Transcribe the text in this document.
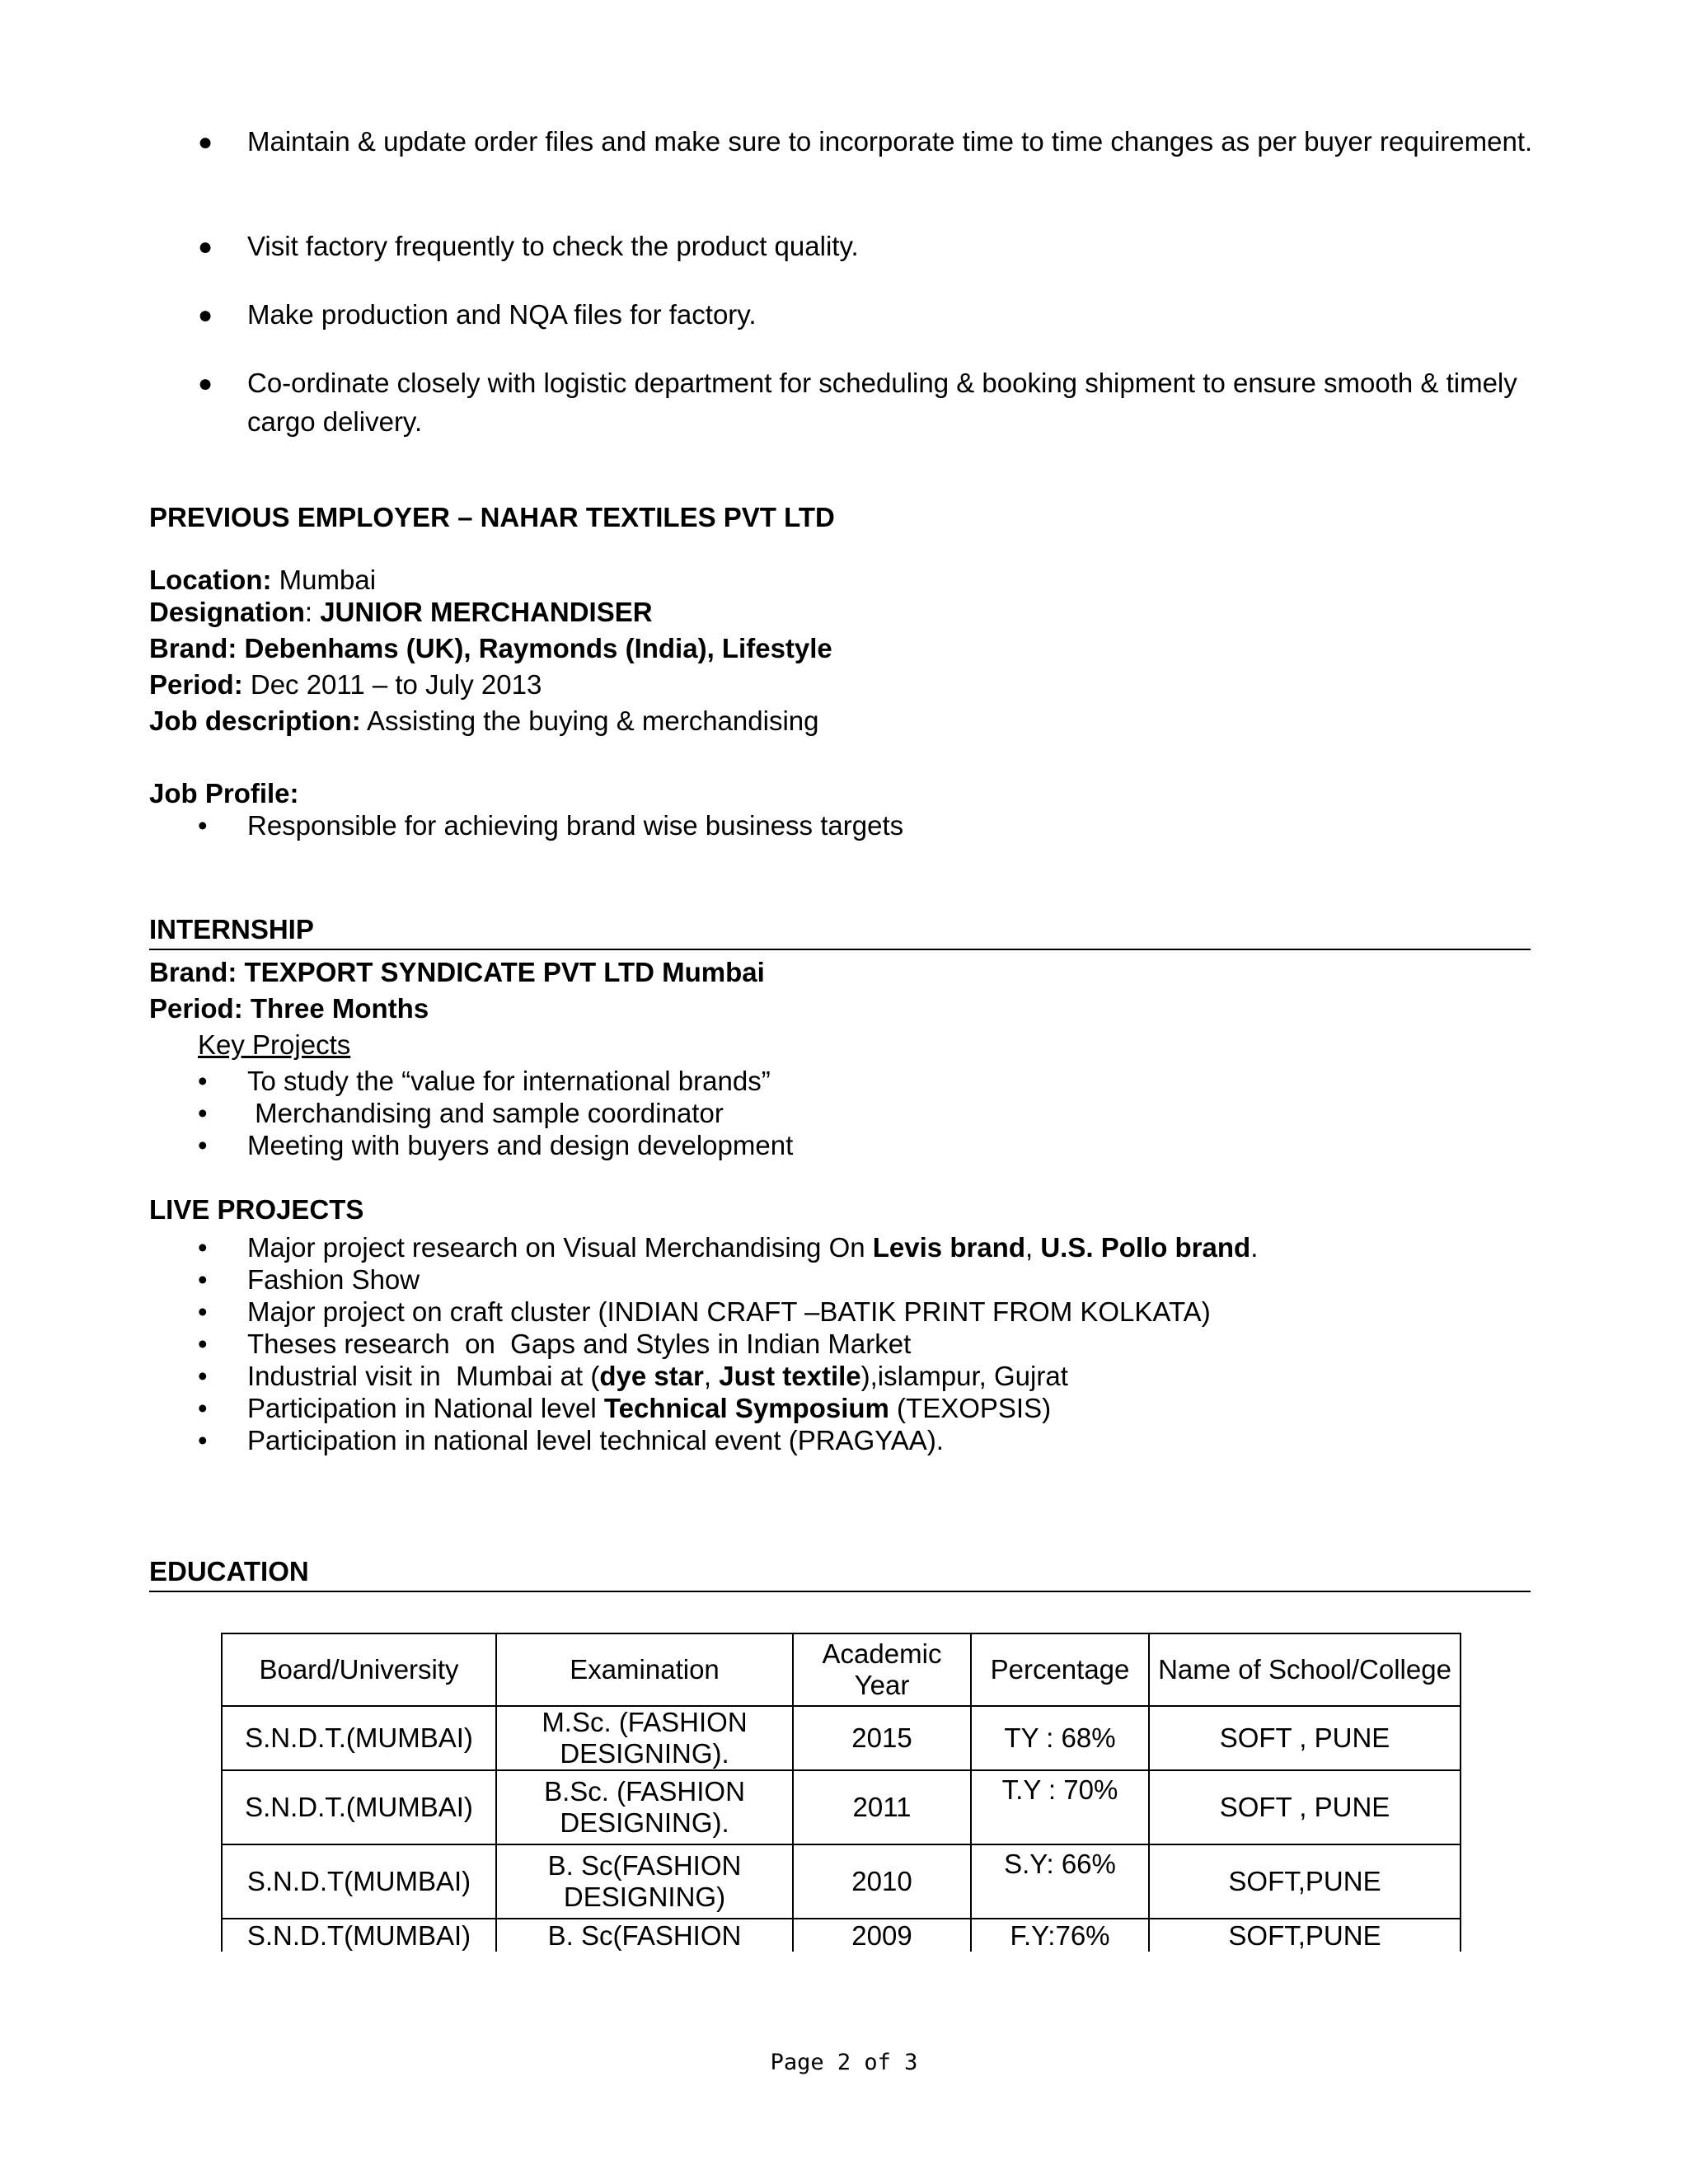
● Maintain & update order files and make sure to incorporate time to time changes as per buyer requirement.
● Visit factory frequently to check the product quality.
● Make production and NQA files for factory.
● Co-ordinate closely with logistic department for scheduling & booking shipment to ensure smooth & timely cargo delivery.
PREVIOUS EMPLOYER – NAHAR TEXTILES PVT LTD
Location: Mumbai
Designation: JUNIOR MERCHANDISER
Brand: Debenhams (UK), Raymonds (India), Lifestyle
Period: Dec 2011 – to July 2013
Job description: Assisting the buying & merchandising
Job Profile:
• Responsible for achieving brand wise business targets
INTERNSHIP
Brand: TEXPORT SYNDICATE PVT LTD Mumbai
Period: Three Months
Key Projects
• To study the “value for international brands”
• Merchandising and sample coordinator
• Meeting with buyers and design development
LIVE PROJECTS
• Major project research on Visual Merchandising On Levis brand, U.S. Pollo brand.
• Fashion Show
• Major project on craft cluster (INDIAN CRAFT –BATIK PRINT FROM KOLKATA)
• Theses research  on  Gaps and Styles in Indian Market
• Industrial visit in  Mumbai at (dye star, Just textile),islampur, Gujrat
• Participation in National level Technical Symposium (TEXOPSIS)
• Participation in national level technical event (PRAGYAA).
EDUCATION
Board/University	Examination	Academic Year	Percentage	Name of School/College
S.N.D.T.(MUMBAI)	M.Sc. (FASHION DESIGNING).	2015	TY : 68%	SOFT , PUNE
S.N.D.T.(MUMBAI)	B.Sc. (FASHION DESIGNING).	2011	T.Y : 70%	SOFT , PUNE
S.N.D.T(MUMBAI)	B. Sc(FASHION DESIGNING)	2010	S.Y: 66%	SOFT,PUNE
S.N.D.T(MUMBAI)	B. Sc(FASHION	2009	F.Y:76%	SOFT,PUNE
Page 2 of 3
